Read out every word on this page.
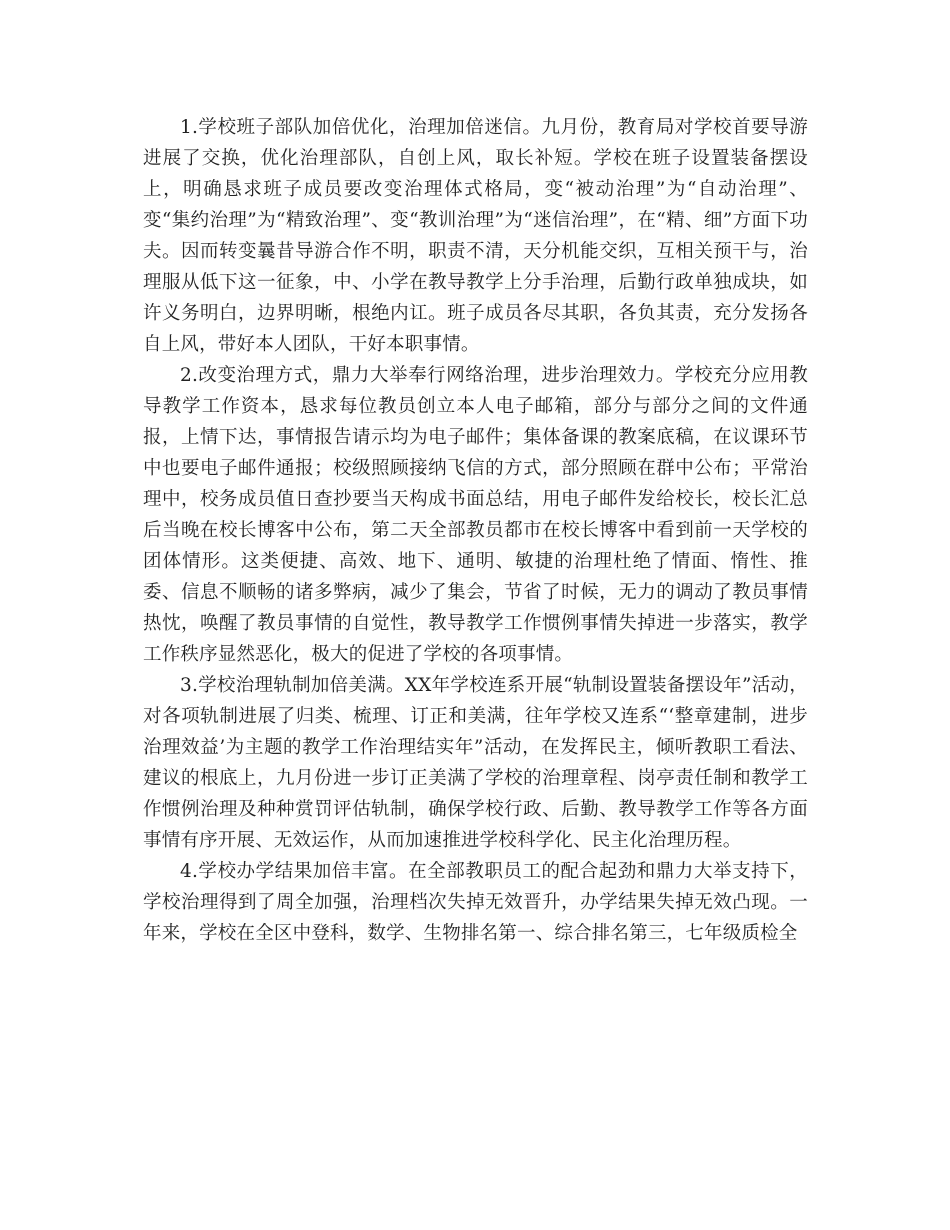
1.学校班子部队加倍优化，治理加倍迷信。九月份，教育局对学校首要导游进展了交换，优化治理部队，自创上风，取长补短。学校在班子设置装备摆设上，明确恳求班子成员要改变治理体式格局，变“被动治理”为“自动治理”、变“集约治理”为“精致治理”、变“教训治理”为“迷信治理”，在“精、细”方面下功夫。因而转变曩昔导游合作不明，职责不清，天分机能交织，互相关预干与，治理服从低下这一征象，中、小学在教导教学上分手治理，后勤行政单独成块，如许义务明白，边界明晰，根绝内讧。班子成员各尽其职，各负其责，充分发扬各自上风，带好本人团队，干好本职事情。

2.改变治理方式，鼎力大举奉行网络治理，进步治理效力。学校充分应用教导教学工作资本，恳求每位教员创立本人电子邮箱，部分与部分之间的文件通报，上情下达，事情报告请示均为电子邮件；集体备课的教案底稿，在议课环节中也要电子邮件通报；校级照顾接纳飞信的方式，部分照顾在群中公布；平常治理中，校务成员值日查抄要当天构成书面总结，用电子邮件发给校长，校长汇总后当晚在校长博客中公布，第二天全部教员都市在校长博客中看到前一天学校的团体情形。这类便捷、高效、地下、通明、敏捷的治理杜绝了情面、惰性、推委、信息不顺畅的诸多弊病，减少了集会，节省了时候，无力的调动了教员事情热忱，唤醒了教员事情的自觉性，教导教学工作惯例事情失掉进一步落实，教学工作秩序显然恶化，极大的促进了学校的各项事情。

3.学校治理轨制加倍美满。XX年学校连系开展“轨制设置装备摆设年”活动，对各项轨制进展了归类、梳理、订正和美满，往年学校又连系“‘整章建制，进步治理效益’为主题的教学工作治理结实年”活动，在发挥民主，倾听教职工看法、建议的根底上，九月份进一步订正美满了学校的治理章程、岗亭责任制和教学工作惯例治理及种种赏罚评估轨制，确保学校行政、后勤、教导教学工作等各方面事情有序开展、无效运作，从而加速推进学校科学化、民主化治理历程。

4.学校办学结果加倍丰富。在全部教职员工的配合起劲和鼎力大举支持下，学校治理得到了周全加强，治理档次失掉无效晋升，办学结果失掉无效凸现。一年来，学校在全区中登科，数学、生物排名第一、综合排名第三，七年级质检全
